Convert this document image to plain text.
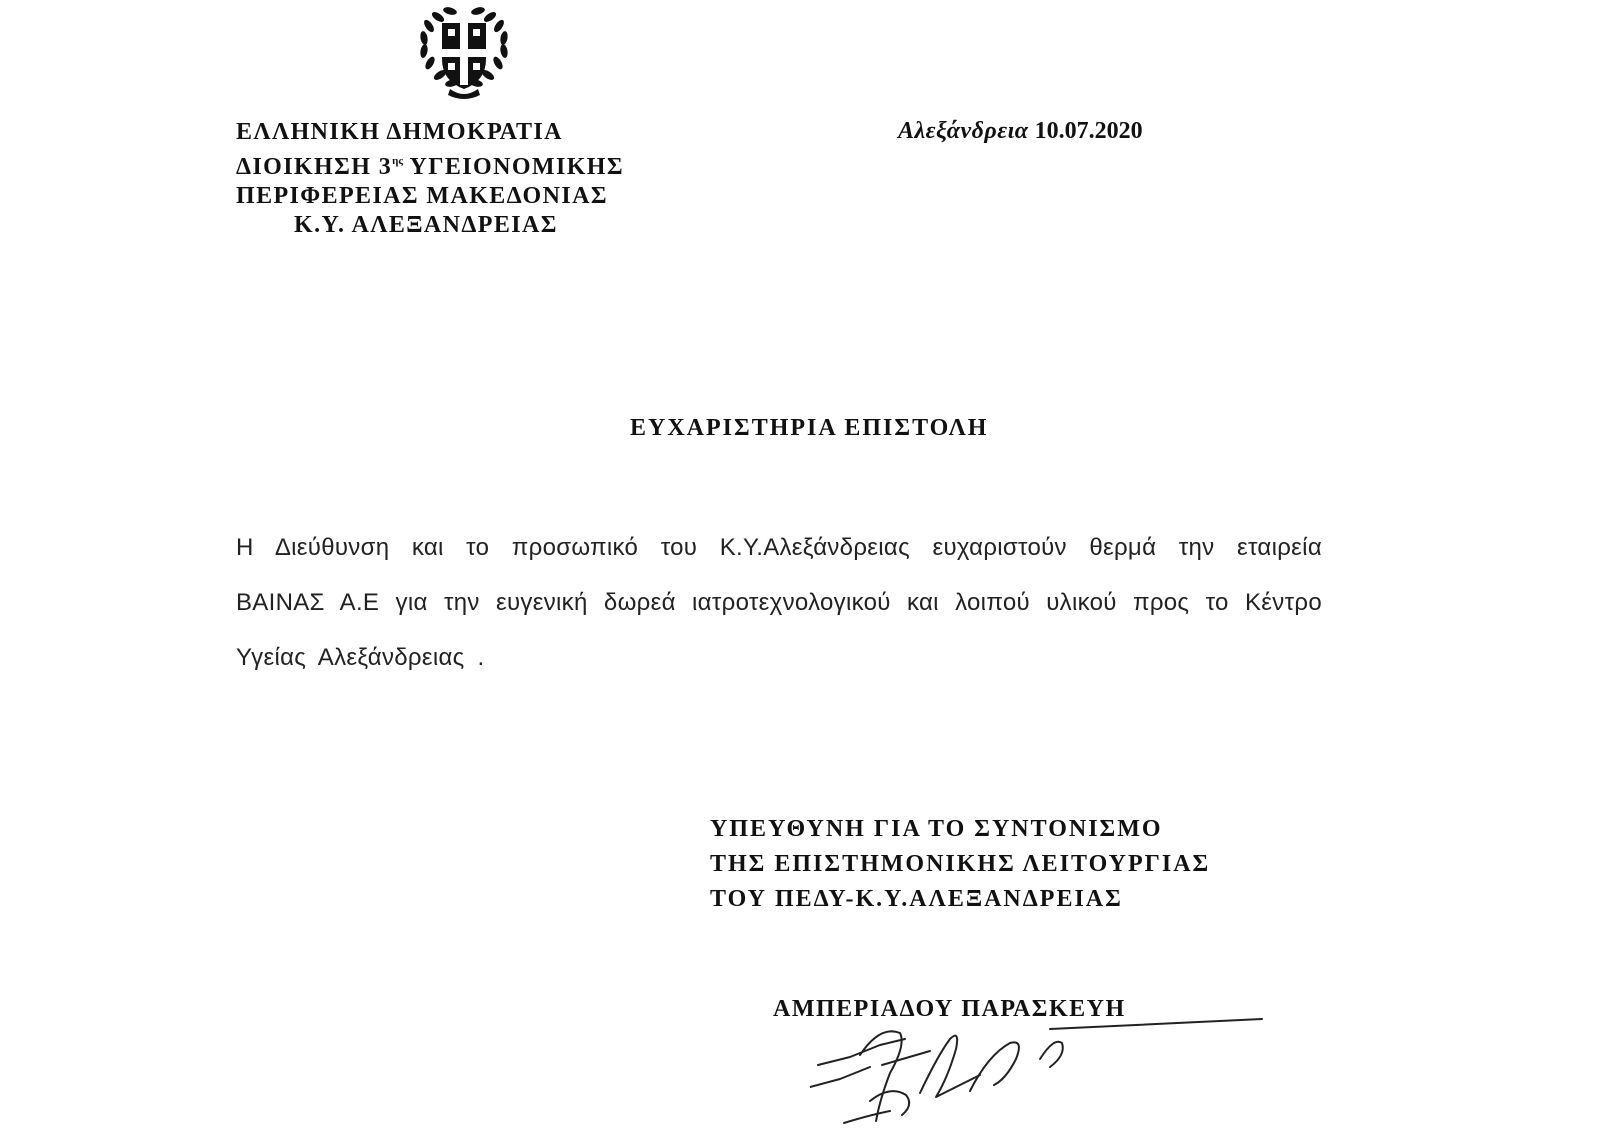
ΕΛΛΗΝΙΚΗ ΔΗΜΟΚΡΑΤΙΑ
ΔΙΟΙΚΗΣΗ $3^{\eta\varsigma}$ ΥΓΕΙΟΝΟΜΙΚΗΣ
ΠΕΡΙΦΕΡΕΙΑΣ ΜΑΚΕΔΟΝΙΑΣ
Κ.Υ. ΑΛΕΞΑΝΔΡΕΙΑΣ
Αλεξάνδρεια 10.07.2020
ΕΥΧΑΡΙΣΤΗΡΙΑ ΕΠΙΣΤΟΛΗ
Η Διεύθυνση και το προσωπικό του Κ.Υ.Αλεξάνδρειας ευχαριστούν θερμά την εταιρεία ΒΑΙΝΑΣ Α.Ε για την ευγενική δωρεά ιατροτεχνολογικού και λοιπού υλικού προς το Κέντρο Υγείας Αλεξάνδρειας .
ΥΠΕΥΘΥΝΗ ΓΙΑ ΤΟ ΣΥΝΤΟΝΙΣΜΟ
ΤΗΣ ΕΠΙΣΤΗΜΟΝΙΚΗΣ ΛΕΙΤΟΥΡΓΙΑΣ
ΤΟΥ ΠΕΔΥ-Κ.Υ.ΑΛΕΞΑΝΔΡΕΙΑΣ
ΑΜΠΕΡΙΑΔΟΥ ΠΑΡΑΣΚΕΥΗ
